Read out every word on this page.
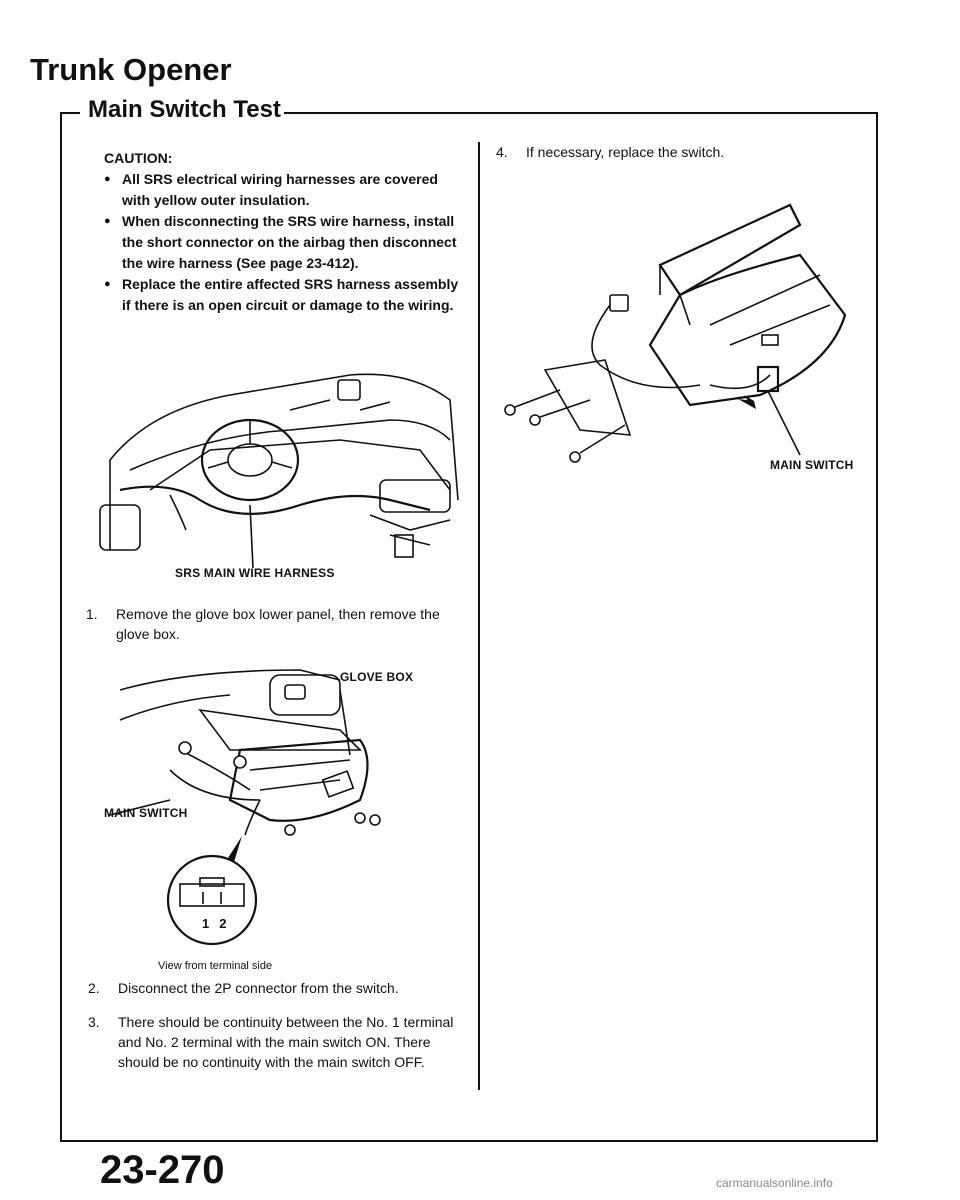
Trunk Opener
Main Switch Test
CAUTION:
● All SRS electrical wiring harnesses are covered with yellow outer insulation.
● When disconnecting the SRS wire harness, install the short connector on the airbag then disconnect the wire harness (See page 23-412).
● Replace the entire affected SRS harness assembly if there is an open circuit or damage to the wiring.
SRS MAIN WIRE HARNESS
1.	Remove the glove box lower panel, then remove the glove box.
GLOVE BOX
MAIN SWITCH
12
View from terminal side
2.	Disconnect the 2P connector from the switch.
3.	There should be continuity between the No. 1 terminal and No. 2 terminal with the main switch ON. There should be no continuity with the main switch OFF.
4.	If necessary, replace the switch.
MAIN SWITCH
23-270	carmanualsonline.info
